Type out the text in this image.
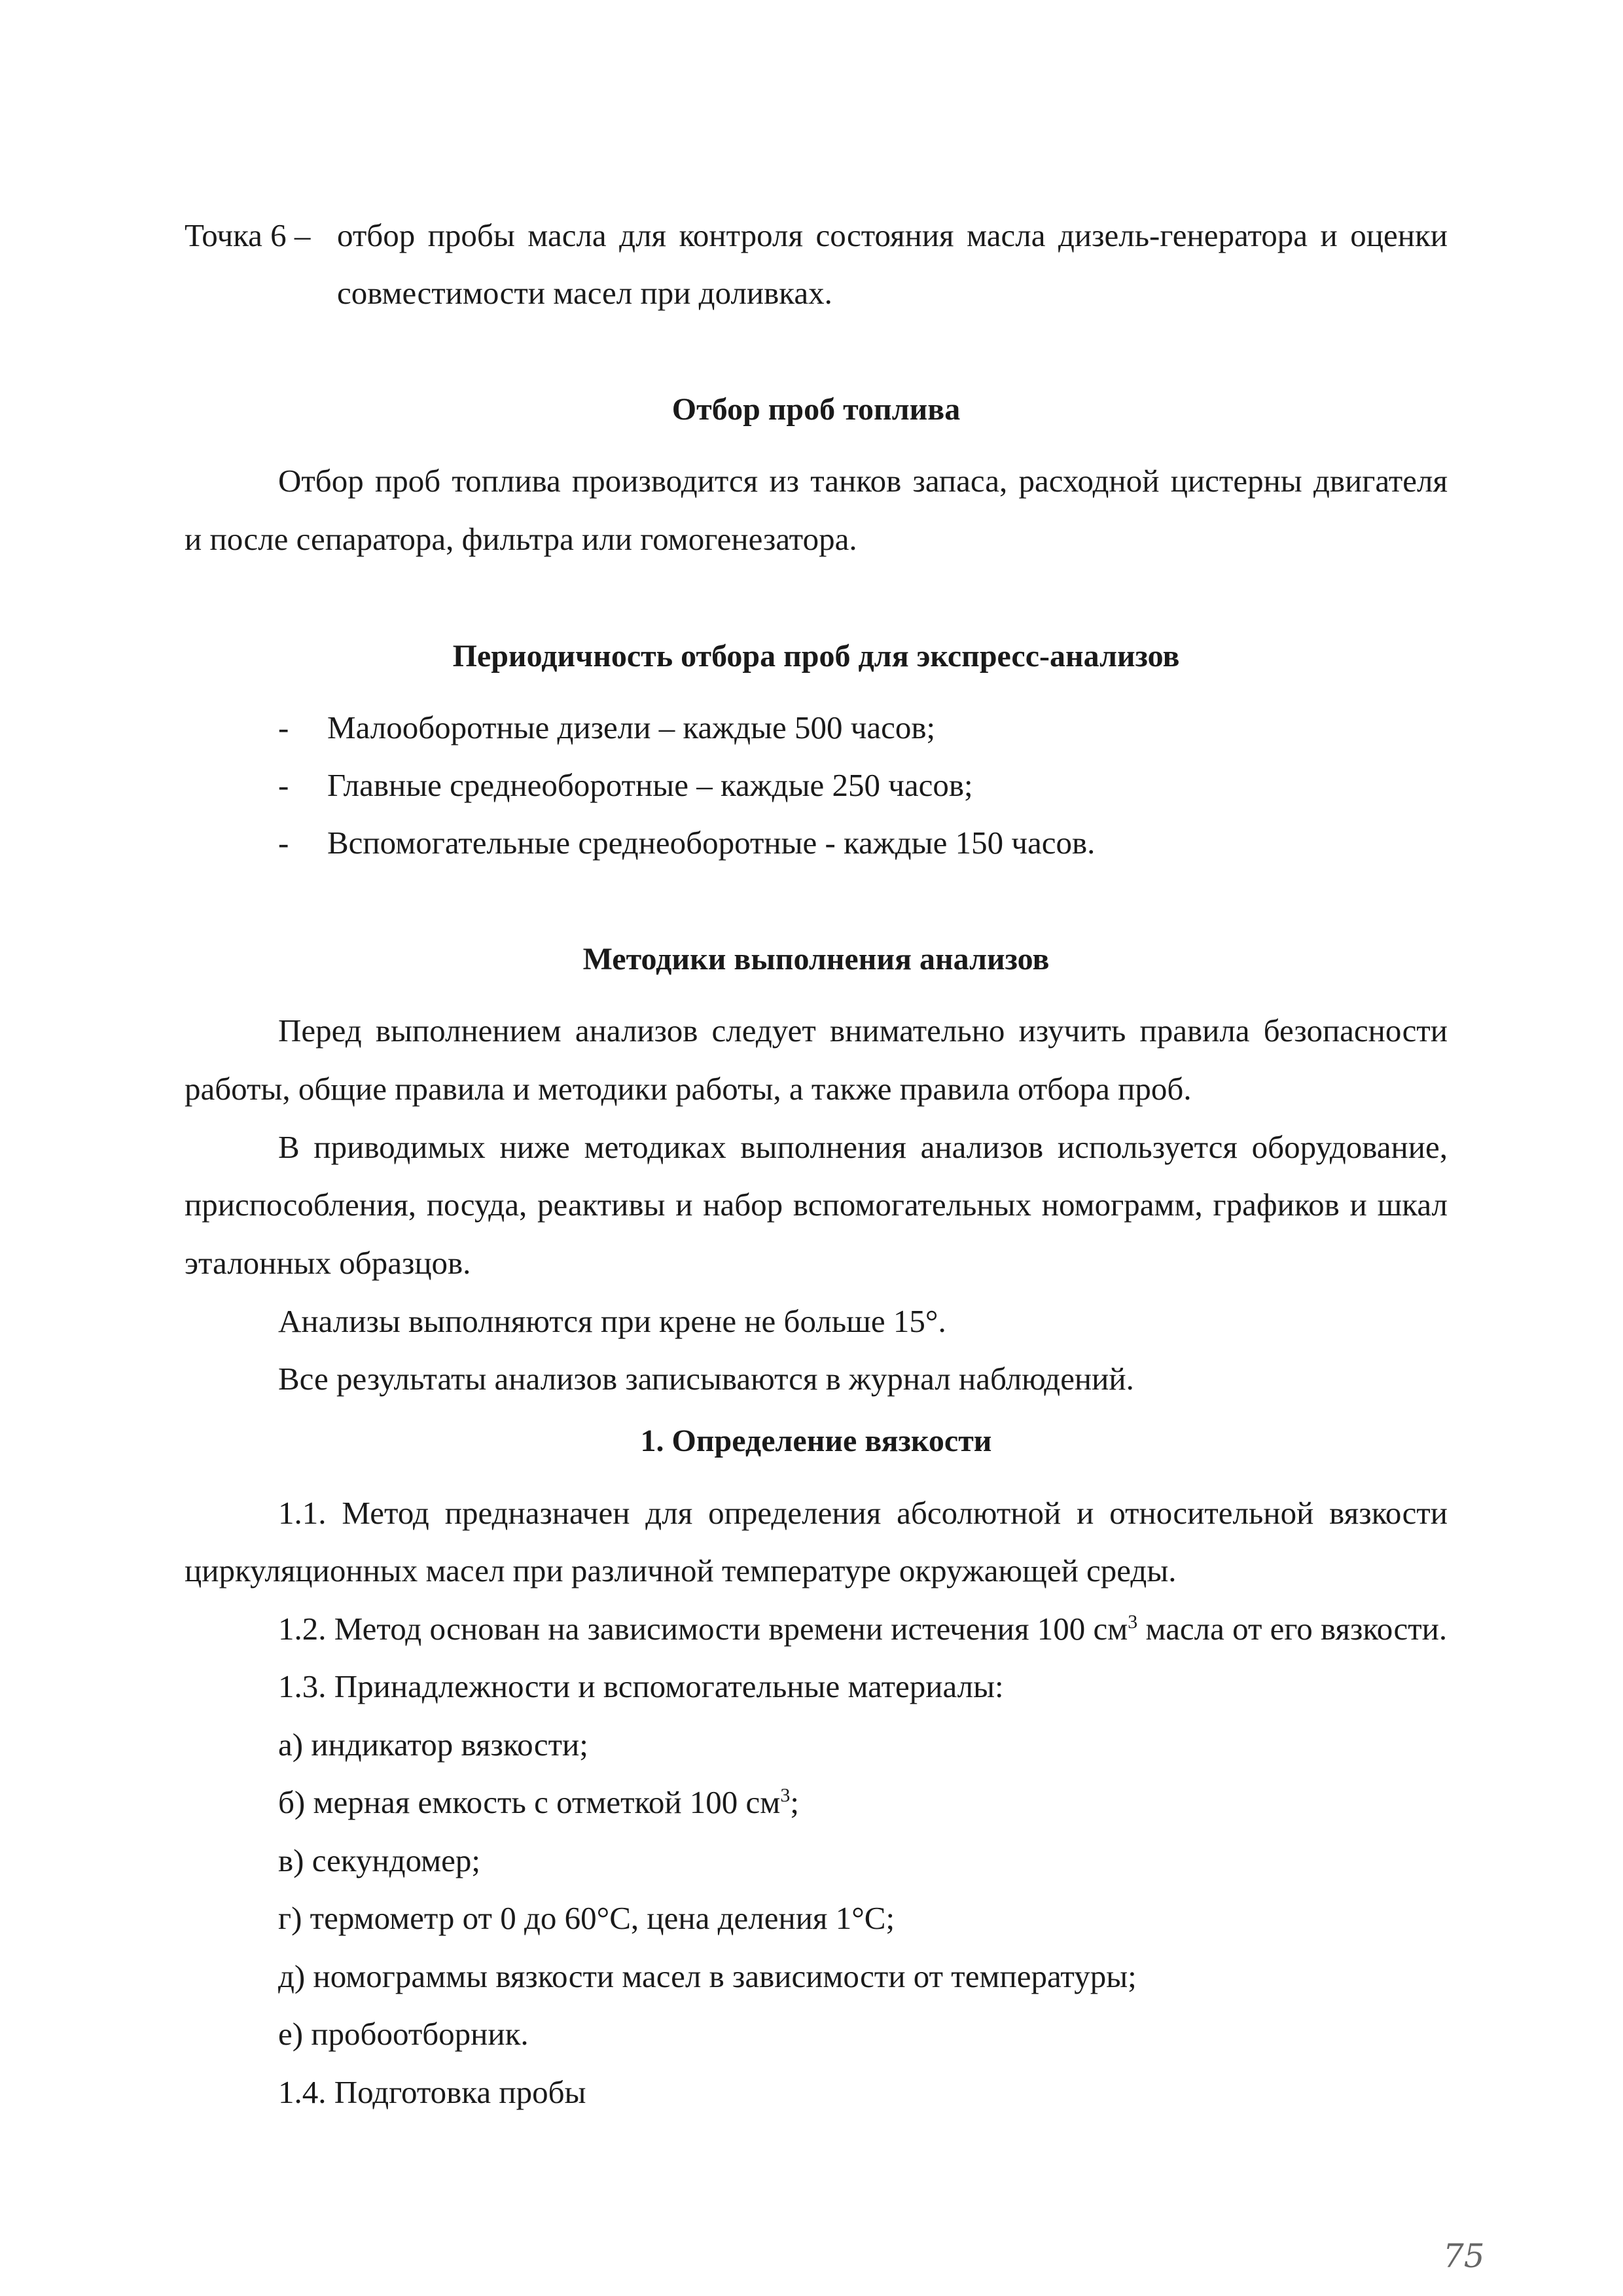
Точка 6 – отбор пробы масла для контроля состояния масла дизель-генератора и оценки
совместимости масел при доливках.
Отбор проб топлива
Отбор проб топлива производится из танков запаса, расходной цистерны двигателя
и после сепаратора, фильтра или гомогенезатора.
Периодичность отбора проб для экспресс-анализов
- Малооборотные дизели – каждые 500 часов;
- Главные среднеоборотные – каждые 250 часов;
- Вспомогательные среднеоборотные - каждые 150 часов.
Методики выполнения анализов
Перед выполнением анализов следует внимательно изучить правила безопасности
работы, общие правила и методики работы, а также правила отбора проб.
В приводимых ниже методиках выполнения анализов используется оборудование,
приспособления, посуда, реактивы и набор вспомогательных номограмм, графиков и шкал
эталонных образцов.
Анализы выполняются при крене не больше 15°.
Все результаты анализов записываются в журнал наблюдений.
1. Определение вязкости
1.1. Метод предназначен для определения абсолютной и относительной вязкости
циркуляционных масел при различной температуре окружающей среды.
1.2. Метод основан на зависимости времени истечения 100 $см^3$ масла от его вязкости.
1.3. Принадлежности и вспомогательные материалы:
а) индикатор вязкости;
б) мерная емкость с отметкой 100 $см^3$;
в) секундомер;
г) термометр от 0 до 60°С, цена деления 1°С;
д) номограммы вязкости масел в зависимости от температуры;
е) пробоотборник.
1.4. Подготовка пробы
75
